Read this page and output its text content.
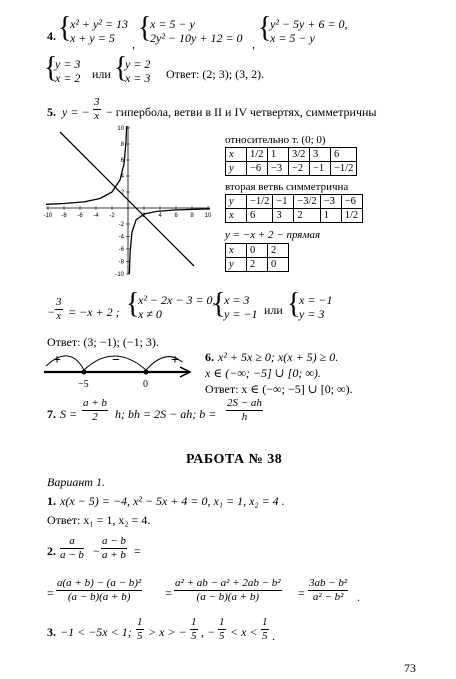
4. {
x² + y² = 13
x + y = 5	,
{
x = 5 − y
2y² − 10y + 12 = 0 ,
{
y² − 5y + 6 = 0,
x = 5 − y
{
y = 3
x = 2 или {
y = 2
x = 3 Ответ: (2; 3); (3, 2).
5. y = − $\frac{3}{x}$ − гипербола, ветви в II и IV четвертях, симметричны
-10 -8 -6 -4 -2	2 4 6 8 10
10
8
6
4
2
-2
-4
-6
-8
-10
относительно т. (0; 0)
x	1/2	1	3/2	3	6
y	−6	−3	−2	−1	−1/2
вторая ветвь симметрична
y	−1/2	−1	−3/2	−3	−6
x	6	3	2	1	1/2
y = −x + 2 − прямая
x	0	2
y	2	0
− $\frac{3}{x} = -x + 2$ ; {
x² − 2x − 3 = 0,
x ≠ 0	{
x = 3
y = −1 или {
x = −1
y = 3
Ответ: (3; −1); (−1; 3).
+	−	+
−5	0
6. x² + 5x ≥ 0; x(x + 5) ≥ 0.
x ∈ (−∞; −5] ∪ [0; ∞).
Ответ: x ∈ (−∞; −5] ∪ [0; ∞).
7. $S = \frac{a + b}{2} h$; bh = 2S − ah; $b = \frac{2S - ah}{h}$
РАБОТА № 38
Вариант 1.
1. x(x − 5) = −4, x² − 5x + 4 = 0, x₁ = 1, x₂ = 4 .
Ответ: x₁ = 1, x₂ = 4.
2. $\frac{a}{a - b} - \frac{a - b}{a + b}$ =
= $\frac{\text{a(a + b) − (a − b)²}}{(a - b)(a + b)} = \frac{\text{a² + ab − a² + 2ab − b²}}{(a - b)(a + b)} = \frac{\text{3ab − b²}}{\text{a² − b²}}$ .
3. −1 < −5x < 1; $\frac{1}{5} > x$ > − $\frac{1}{5}$ , − $\frac{1}{5} < x < \frac{1}{5}$ .
73
